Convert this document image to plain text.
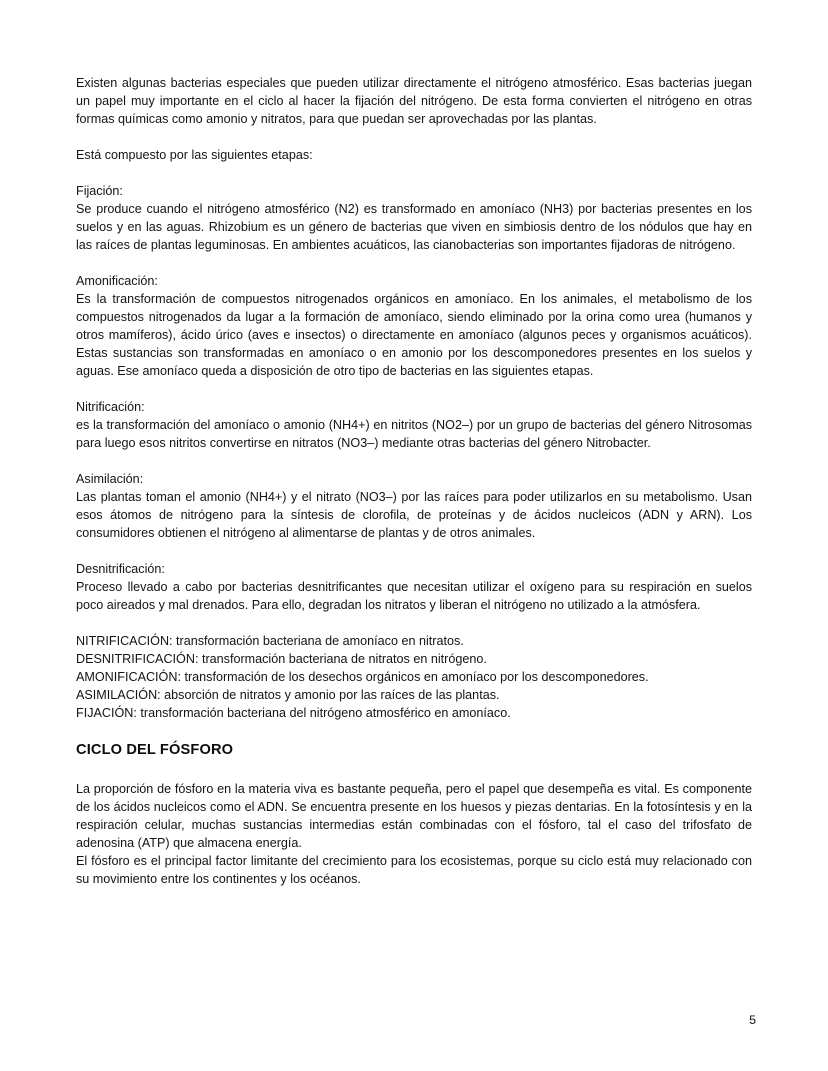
Existen algunas bacterias especiales que pueden utilizar directamente el nitrógeno atmosférico. Esas bacterias juegan un papel muy importante en el ciclo al hacer la fijación del nitrógeno. De esta forma convierten el nitrógeno en otras formas químicas como amonio y nitratos, para que puedan ser aprovechadas por las plantas.

Está compuesto por las siguientes etapas:

Fijación:
Se produce cuando el nitrógeno atmosférico (N2) es transformado en amoníaco (NH3) por bacterias presentes en los suelos y en las aguas. Rhizobium es un género de bacterias que viven en simbiosis dentro de los nódulos que hay en las raíces de plantas leguminosas. En ambientes acuáticos, las cianobacterias son importantes fijadoras de nitrógeno.

Amonificación:
Es la transformación de compuestos nitrogenados orgánicos en amoníaco. En los animales, el metabolismo de los compuestos nitrogenados da lugar a la formación de amoníaco, siendo eliminado por la orina como urea (humanos y otros mamíferos), ácido úrico (aves e insectos) o directamente en amoníaco (algunos peces y organismos acuáticos). Estas sustancias son transformadas en amoníaco o en amonio por los descomponedores presentes en los suelos y aguas. Ese amoníaco queda a disposición de otro tipo de bacterias en las siguientes etapas.

Nitrificación:
es la transformación del amoníaco o amonio (NH4+) en nitritos (NO2–) por un grupo de bacterias del género Nitrosomas para luego esos nitritos convertirse en nitratos (NO3–) mediante otras bacterias del género Nitrobacter.

Asimilación:
Las plantas toman el amonio (NH4+) y el nitrato (NO3–) por las raíces para poder utilizarlos en su metabolismo. Usan esos átomos de nitrógeno para la síntesis de clorofila, de proteínas y de ácidos nucleicos (ADN y ARN). Los consumidores obtienen el nitrógeno al alimentarse de plantas y de otros animales.

Desnitrificación:
Proceso llevado a cabo por bacterias desnitrificantes que necesitan utilizar el oxígeno para su respiración en suelos poco aireados y mal drenados. Para ello, degradan los nitratos y liberan el nitrógeno no utilizado a la atmósfera.

NITRIFICACIÓN: transformación bacteriana de amoníaco en nitratos.

DESNITRIFICACIÓN: transformación bacteriana de nitratos en nitrógeno.

AMONIFICACIÓN: transformación de los desechos orgánicos en amoníaco por los descomponedores.

ASIMILACIÓN: absorción de nitratos y amonio por las raíces de las plantas.

FIJACIÓN: transformación bacteriana del nitrógeno atmosférico en amoníaco.

CICLO DEL FÓSFORO

La proporción de fósforo en la materia viva es bastante pequeña, pero el papel que desempeña es vital. Es componente de los ácidos nucleicos como el ADN. Se encuentra presente en los huesos y piezas dentarias. En la fotosíntesis y en la respiración celular, muchas sustancias intermedias están combinadas con el fósforo, tal el caso del trifosfato de adenosina (ATP) que almacena energía.

El fósforo es el principal factor limitante del crecimiento para los ecosistemas, porque su ciclo está muy relacionado con su movimiento entre los continentes y los océanos.

5
